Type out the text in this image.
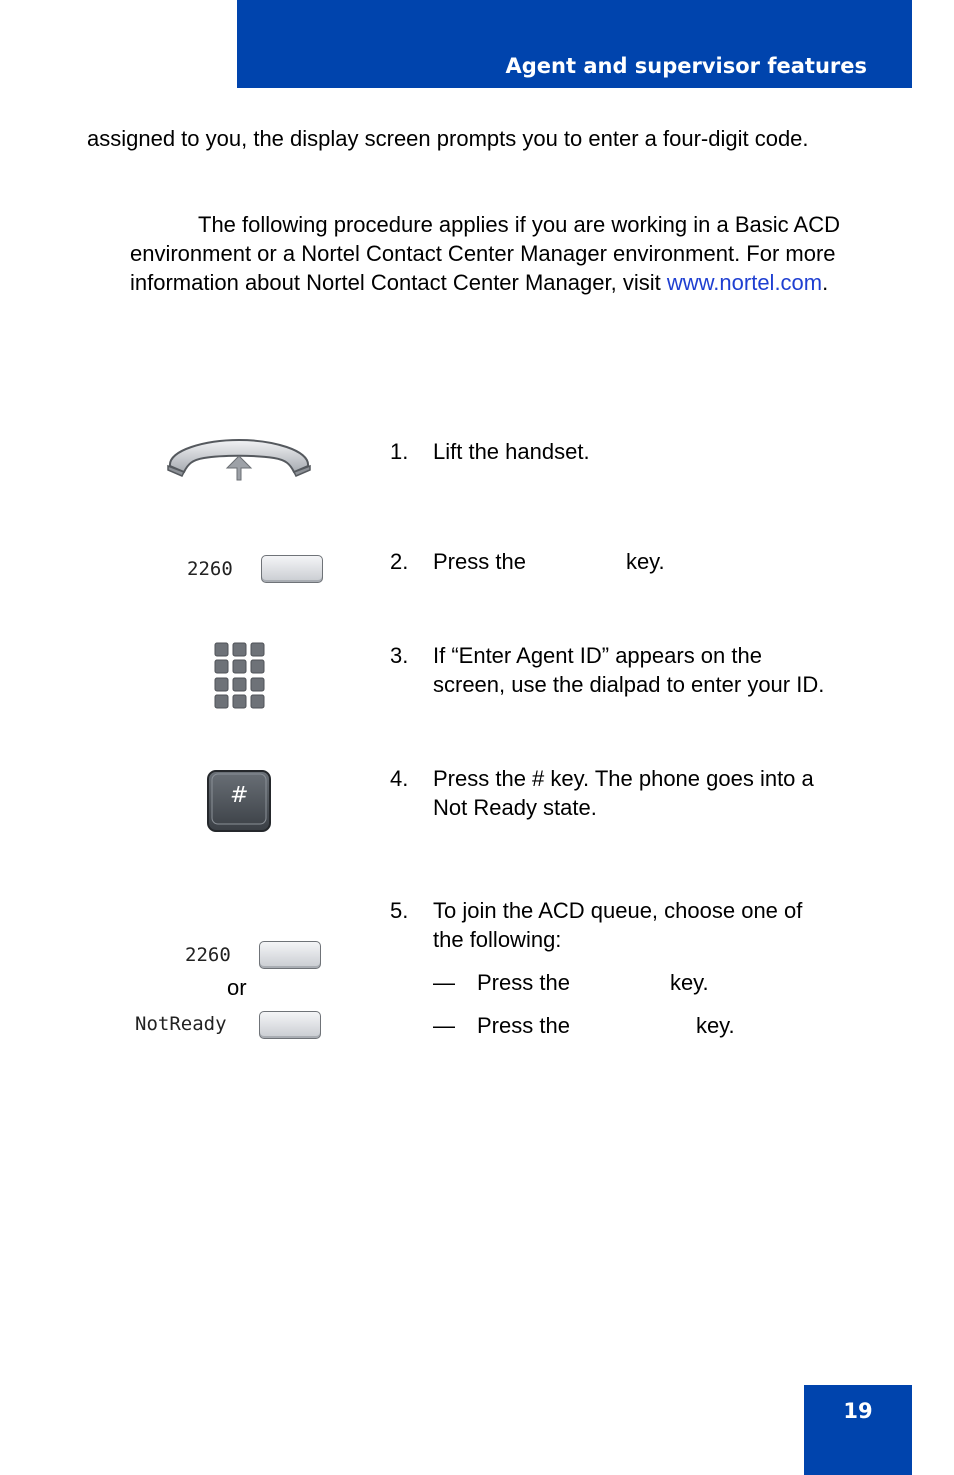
Agent and supervisor features

assigned to you, the display screen prompts you to enter a four-digit code.

The following procedure applies if you are working in a Basic ACD environment or a Nortel Contact Center Manager environment. For more information about Nortel Contact Center Manager, visit www.nortel.com.

2260
#
2260
or
NotReady
1. Lift the handset.
2. Press the	key.
3. If “Enter Agent ID” appears on the
screen, use the dialpad to enter your ID.
4. Press the # key. The phone goes into a
Not Ready state.
5. To join the ACD queue, choose one of
the following:
— Press the	key.
— Press the	key.
19
